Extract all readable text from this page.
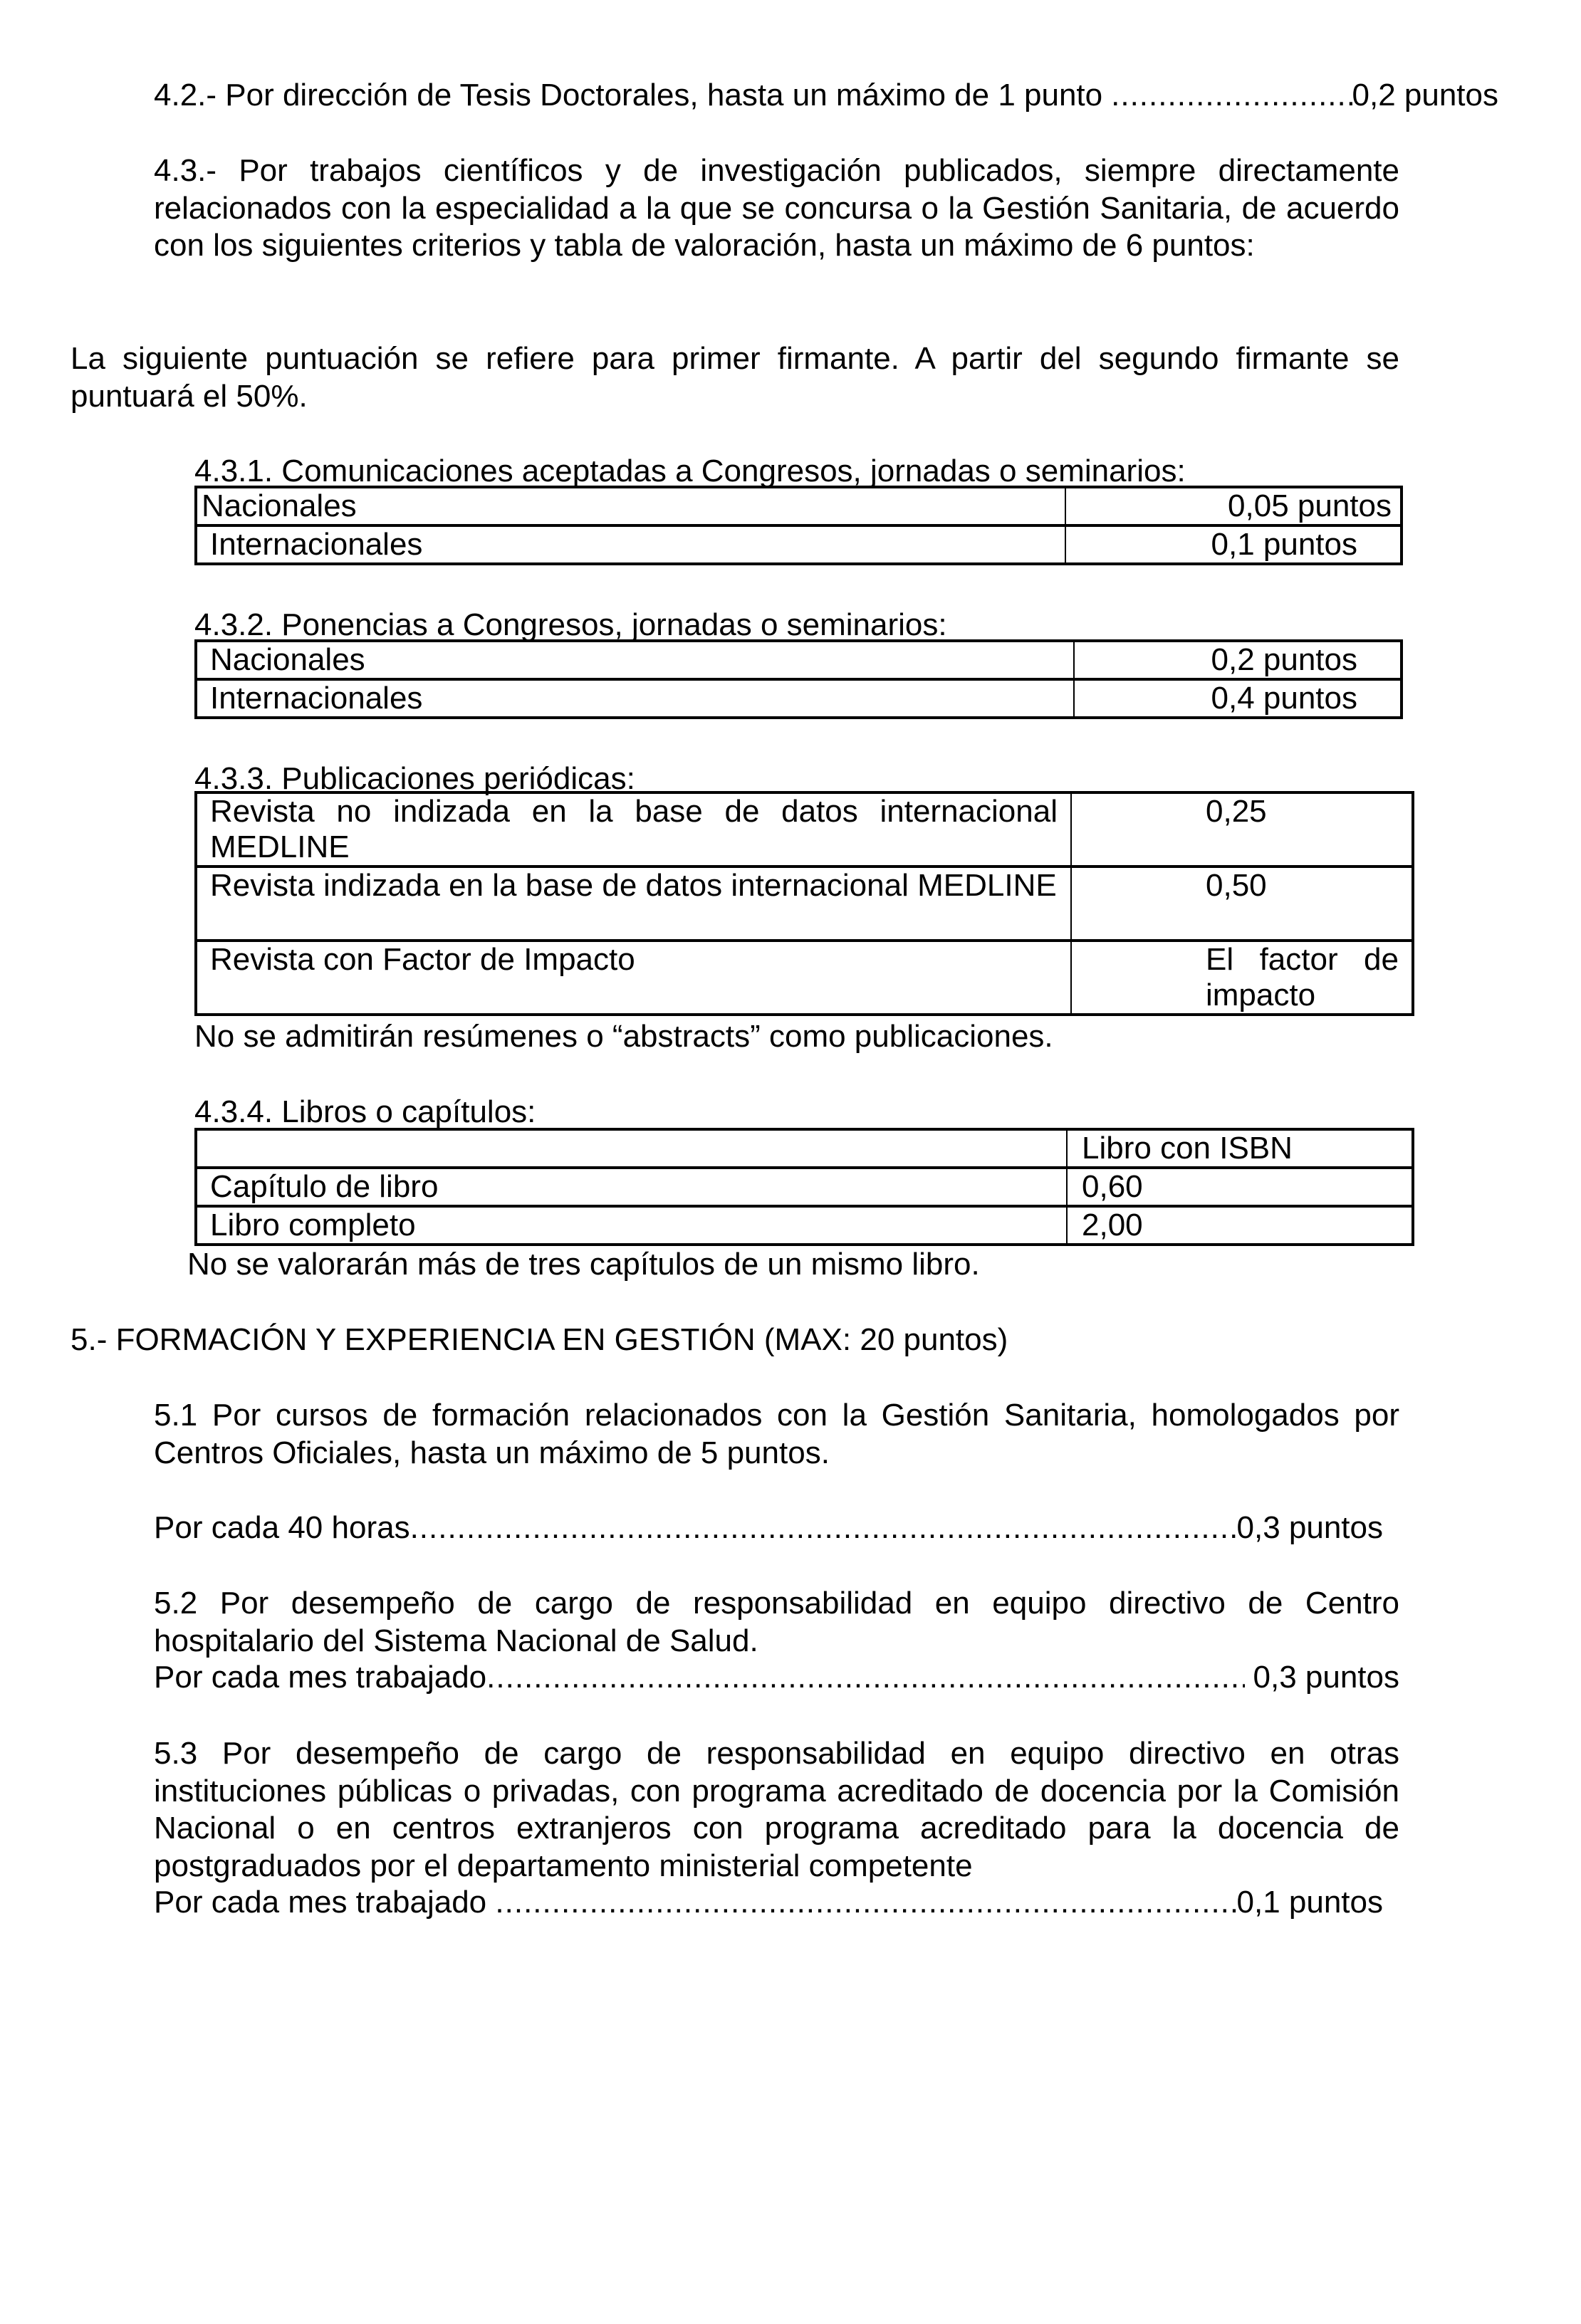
4.2.- Por dirección de Tesis Doctorales, hasta un máximo de 1 punto .....	0,2 puntos
4.3.- Por trabajos científicos y de investigación publicados, siempre directamente relacionados con la especialidad a la que se concursa o la Gestión Sanitaria, de acuerdo con los siguientes criterios y tabla de valoración, hasta un máximo de 6 puntos:
La siguiente puntuación se refiere para primer firmante. A partir del segundo firmante se puntuará el 50%.
4.3.1. Comunicaciones aceptadas a Congresos, jornadas o seminarios:
Nacionales	0,05 puntos
Internacionales	0,1 puntos
4.3.2. Ponencias a Congresos, jornadas o seminarios:
Nacionales	0,2 puntos
Internacionales	0,4 puntos
4.3.3. Publicaciones periódicas:
Revista no indizada en la base de datos internacional MEDLINE	0,25
Revista indizada en la base de datos internacional MEDLINE	0,50
Revista con Factor de Impacto	El factor de impacto
No se admitirán resúmenes o “abstracts” como publicaciones.
4.3.4. Libros o capítulos:
	Libro con ISBN
Capítulo de libro	0,60
Libro completo	2,00
No se valorarán más de tres capítulos de un mismo libro.
5.- FORMACIÓN Y EXPERIENCIA EN GESTIÓN (MAX: 20 puntos)
5.1 Por cursos de formación relacionados con la Gestión Sanitaria, homologados por Centros Oficiales, hasta un máximo de 5 puntos.
Por cada 40 horas .....	0,3 puntos
5.2 Por desempeño de cargo de responsabilidad en equipo directivo de Centro hospitalario del Sistema Nacional de Salud.
Por cada mes trabajado .....	0,3 puntos
5.3 Por desempeño de cargo de responsabilidad en equipo directivo en otras instituciones públicas o privadas, con programa acreditado de docencia por la Comisión Nacional o en centros extranjeros con programa acreditado para la docencia de postgraduados por el departamento ministerial competente
Por cada mes trabajado .....	0,1 puntos
